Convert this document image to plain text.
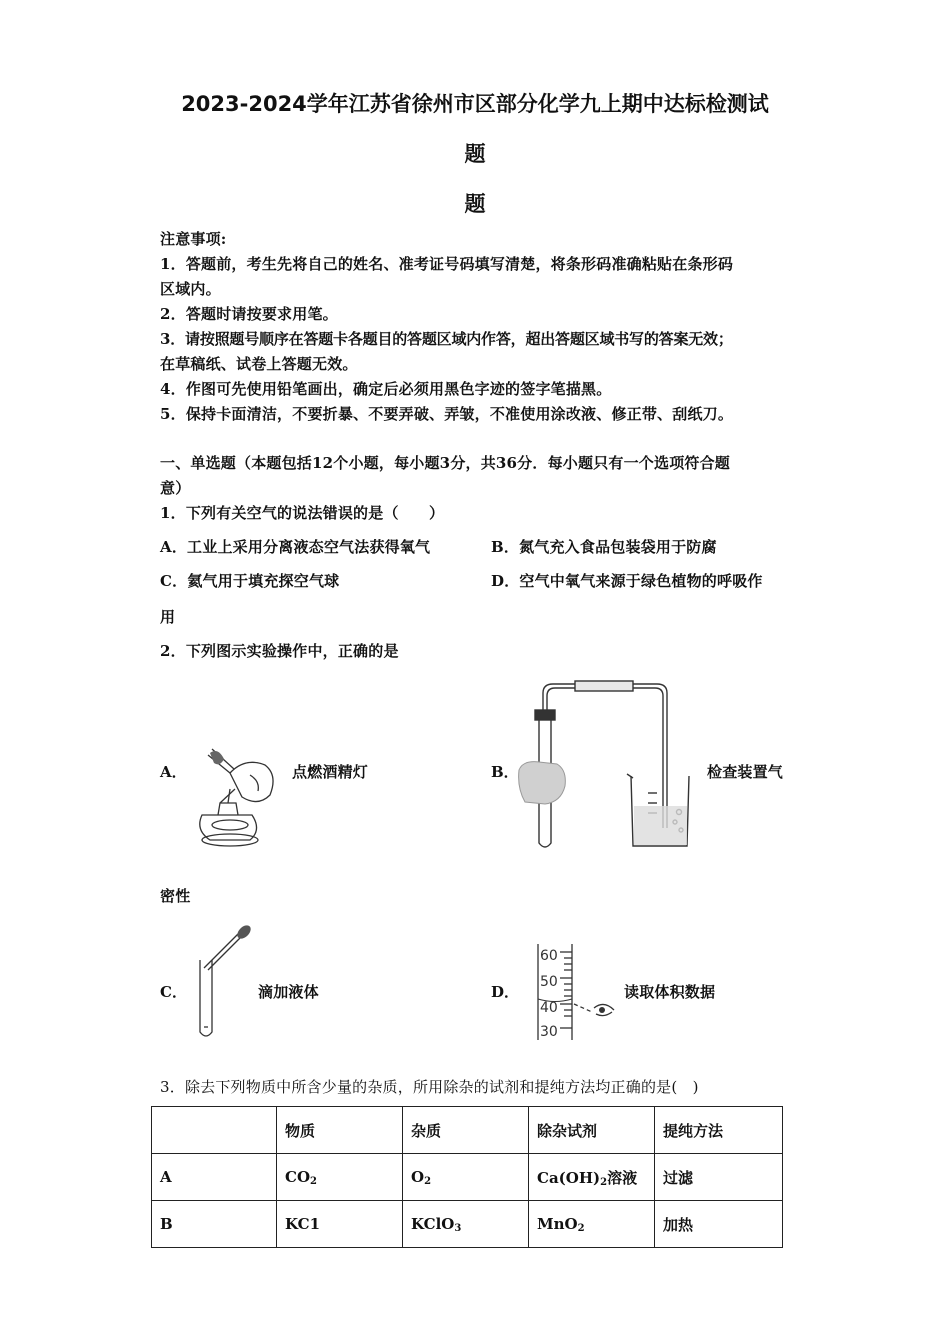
2023-2024学年江苏省徐州市区部分化学九上期中达标检测试
题
题
注意事项:
1．答题前，考生先将自己的姓名、准考证号码填写清楚，将条形码准确粘贴在条形码
区域内。
2．答题时请按要求用笔。
3．请按照题号顺序在答题卡各题目的答题区域内作答，超出答题区域书写的答案无效；
在草稿纸、试卷上答题无效。
4．作图可先使用铅笔画出，确定后必须用黑色字迹的签字笔描黑。
5．保持卡面清洁，不要折暴、不要弄破、弄皱，不准使用涂改液、修正带、刮纸刀。
一、单选题（本题包括12个小题，每小题3分，共36分．每小题只有一个选项符合题
意）
1．下列有关空气的说法错误的是（　　）
A．工业上采用分离液态空气法获得氧气	B．氮气充入食品包装袋用于防腐
C．氦气用于填充探空气球	D．空气中氧气来源于绿色植物的呼吸作
用
2．下列图示实验操作中，正确的是
A．	点燃酒精灯	B．	检查装置气
密性
C．	滴加液体	D．
60
50
40
30
读取体积数据
3．除去下列物质中所含少量的杂质，所用除杂的试剂和提纯方法均正确的是(　)
	物质	杂质	除杂试剂	提纯方法
A	$CO_2$	$O_2$	$Ca(OH)_2$溶液	过滤
B	KC1	KClO$_3$	MnO$_2$	加热
